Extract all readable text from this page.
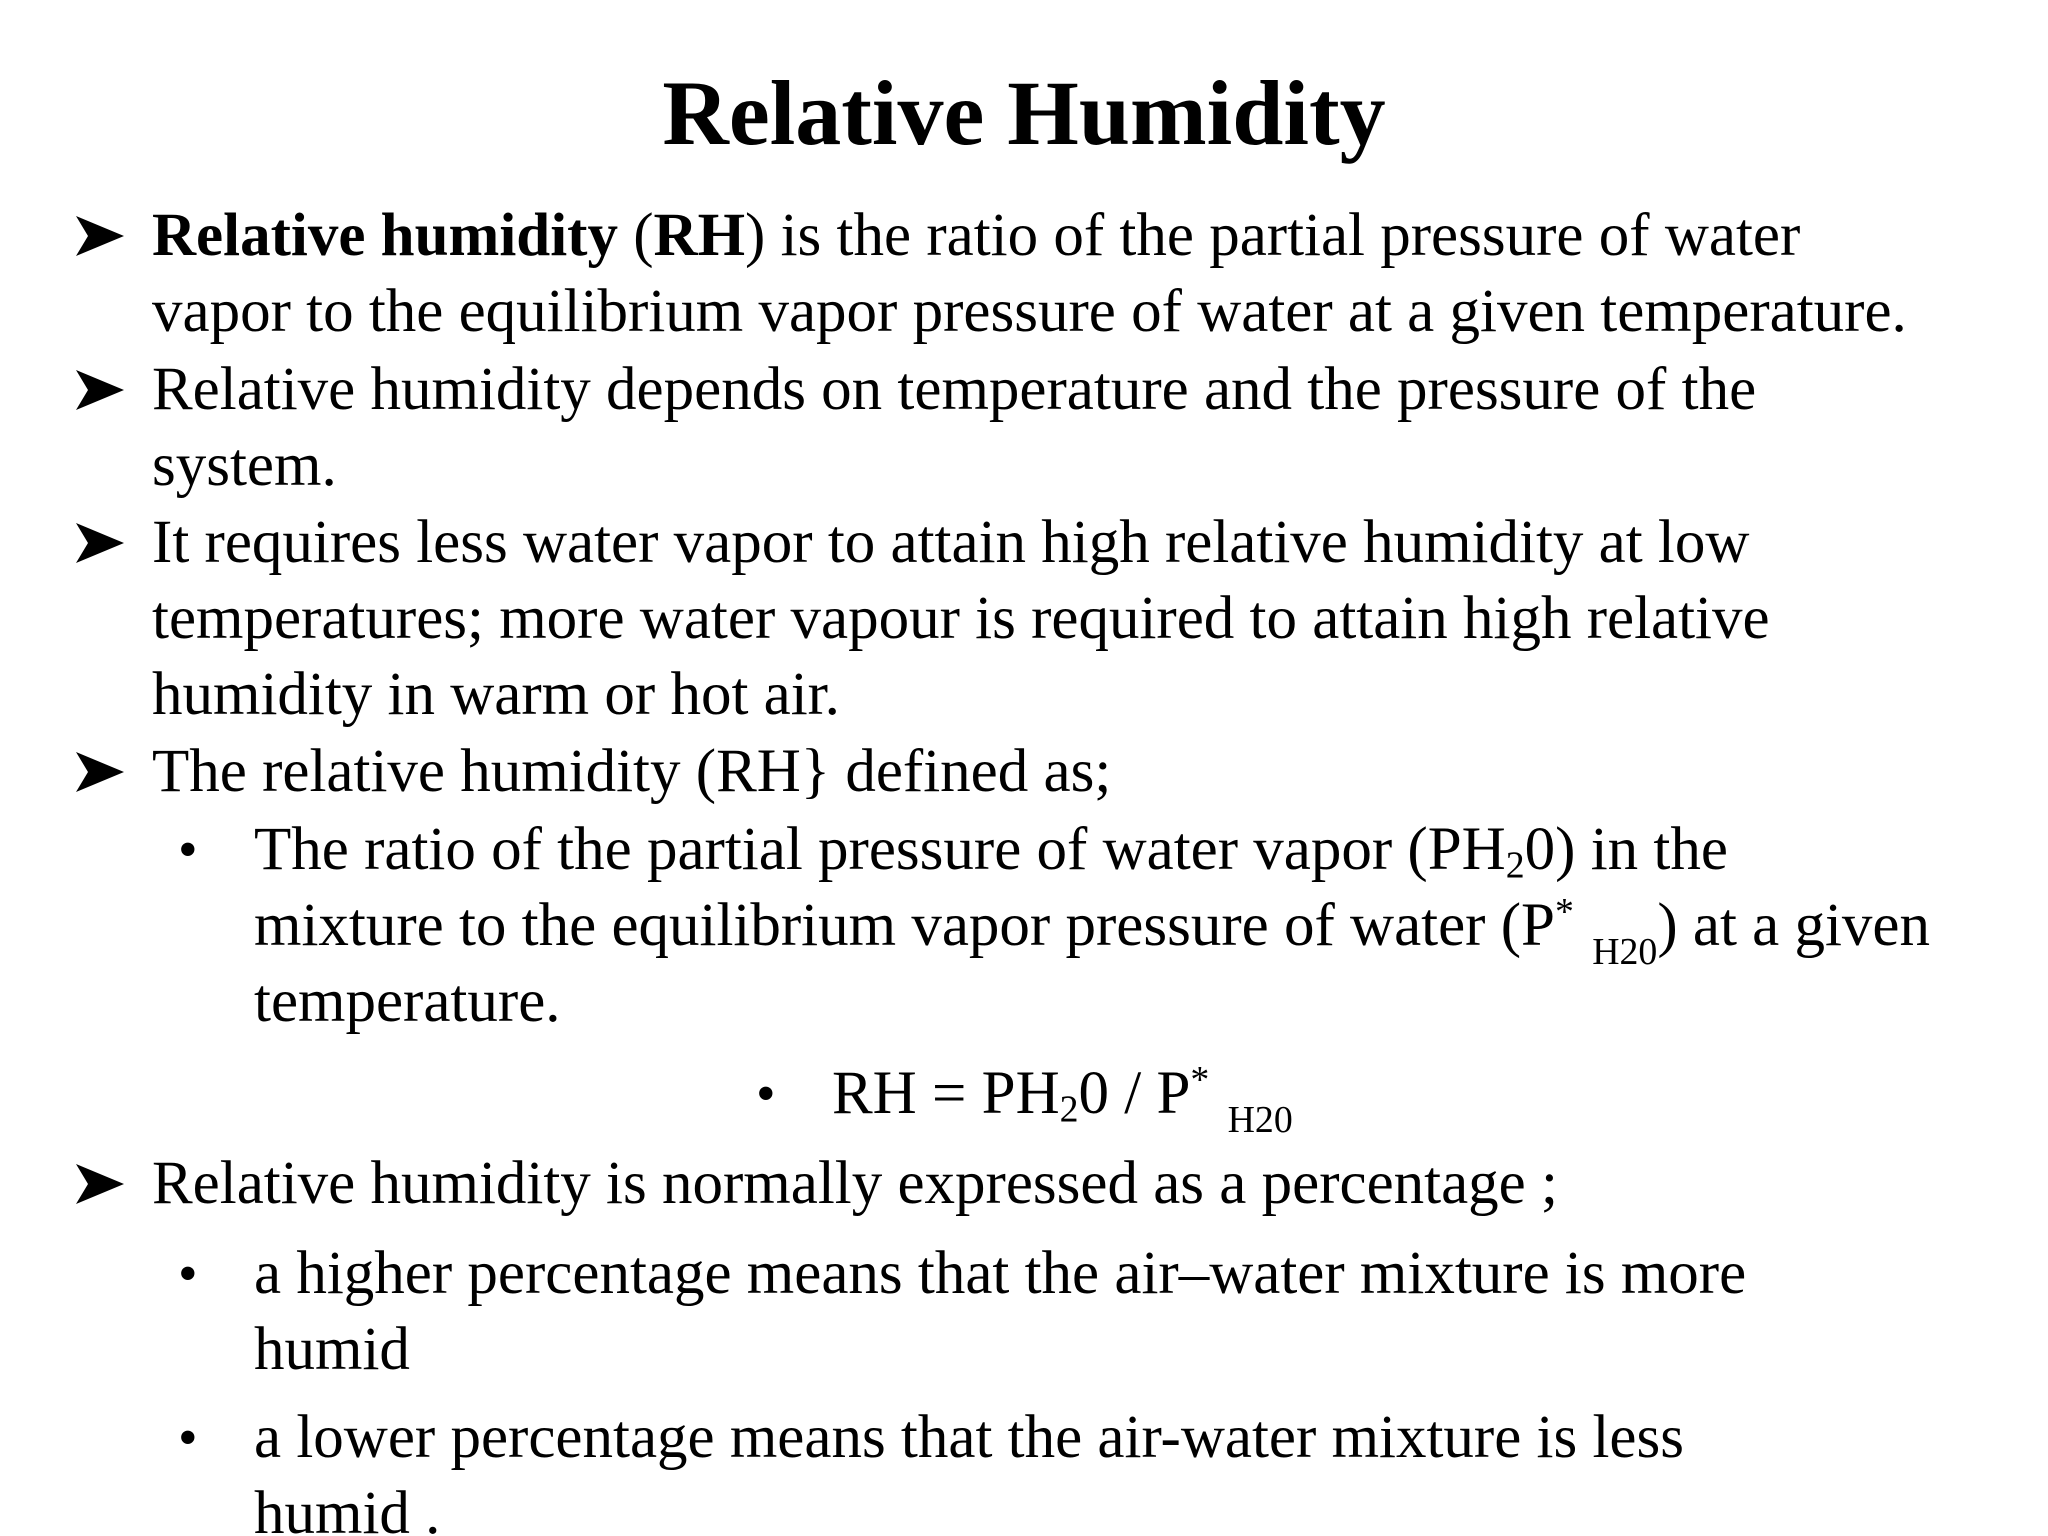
Relative Humidity

Relative humidity (RH) is the ratio of the partial pressure of water

vapor to the equilibrium vapor pressure of water at a given temperature.

Relative humidity depends on temperature and the pressure of the

system.

It requires less water vapor to attain high relative humidity at low

temperatures; more water vapour is required to attain high relative

humidity in warm or hot air.

The relative humidity (RH} defined as;

• The ratio of the partial pressure of water vapor $(PH_20)$ in the

mixture to the equilibrium vapor pressure of water $(P^*_{H20})$ at a given

temperature.

• RH = $PH_20 / P^*_{H20}$

Relative humidity is normally expressed as a percentage ;

• a higher percentage means that the air–water mixture is more

humid

• a lower percentage means that the air-water mixture is less

humid .
